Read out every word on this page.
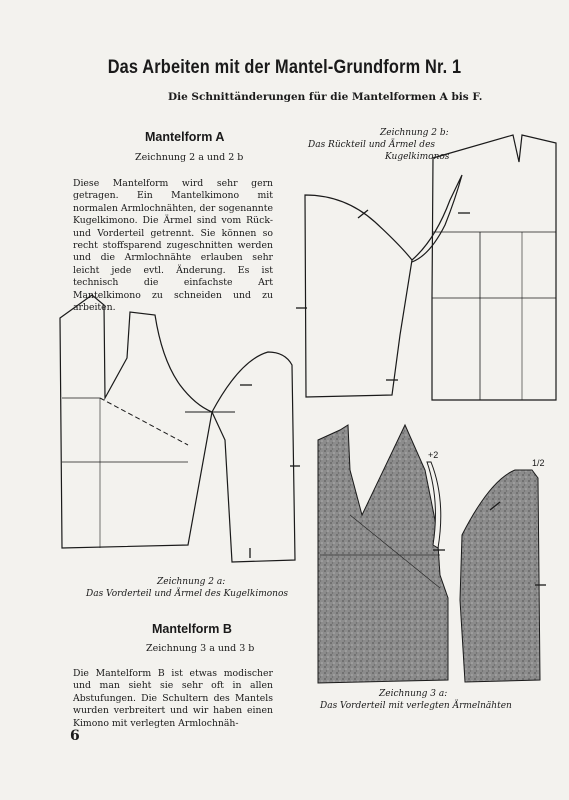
Das Arbeiten mit der Mantel-Grundform Nr. 1
Die Schnittänderungen für die Mantelformen A bis F.
Mantelform A
Zeichnung 2 a und 2 b
Diese Mantelform wird sehr gern getragen. Ein Mantelkimono mit normalen Armlochnähten, der sogenannte Kugelkimono. Die Ärmel sind vom Rück- und Vorderteil getrennt. Sie können so recht stoffsparend zugeschnitten werden und die Armlochnähte erlauben sehr leicht jede evtl. Änderung. Es ist technisch die einfachste Art Mantelkimono zu schneiden und zu arbeiten.
Zeichnung 2 b:
Das Rückteil und Ärmel des
Kugelkimonos
Zeichnung 2 a:
Das Vorderteil und Ärmel des Kugelkimonos
Mantelform B
Zeichnung 3 a und 3 b
Die Mantelform B ist etwas modischer und man sieht sie sehr oft in allen Abstufungen. Die Schultern des Mantels wurden verbreitert und wir haben einen Kimono mit verlegten Armlochnäh-
Zeichnung 3 a:
Das Vorderteil mit verlegten Ärmelnähten
6
+2
1/2
